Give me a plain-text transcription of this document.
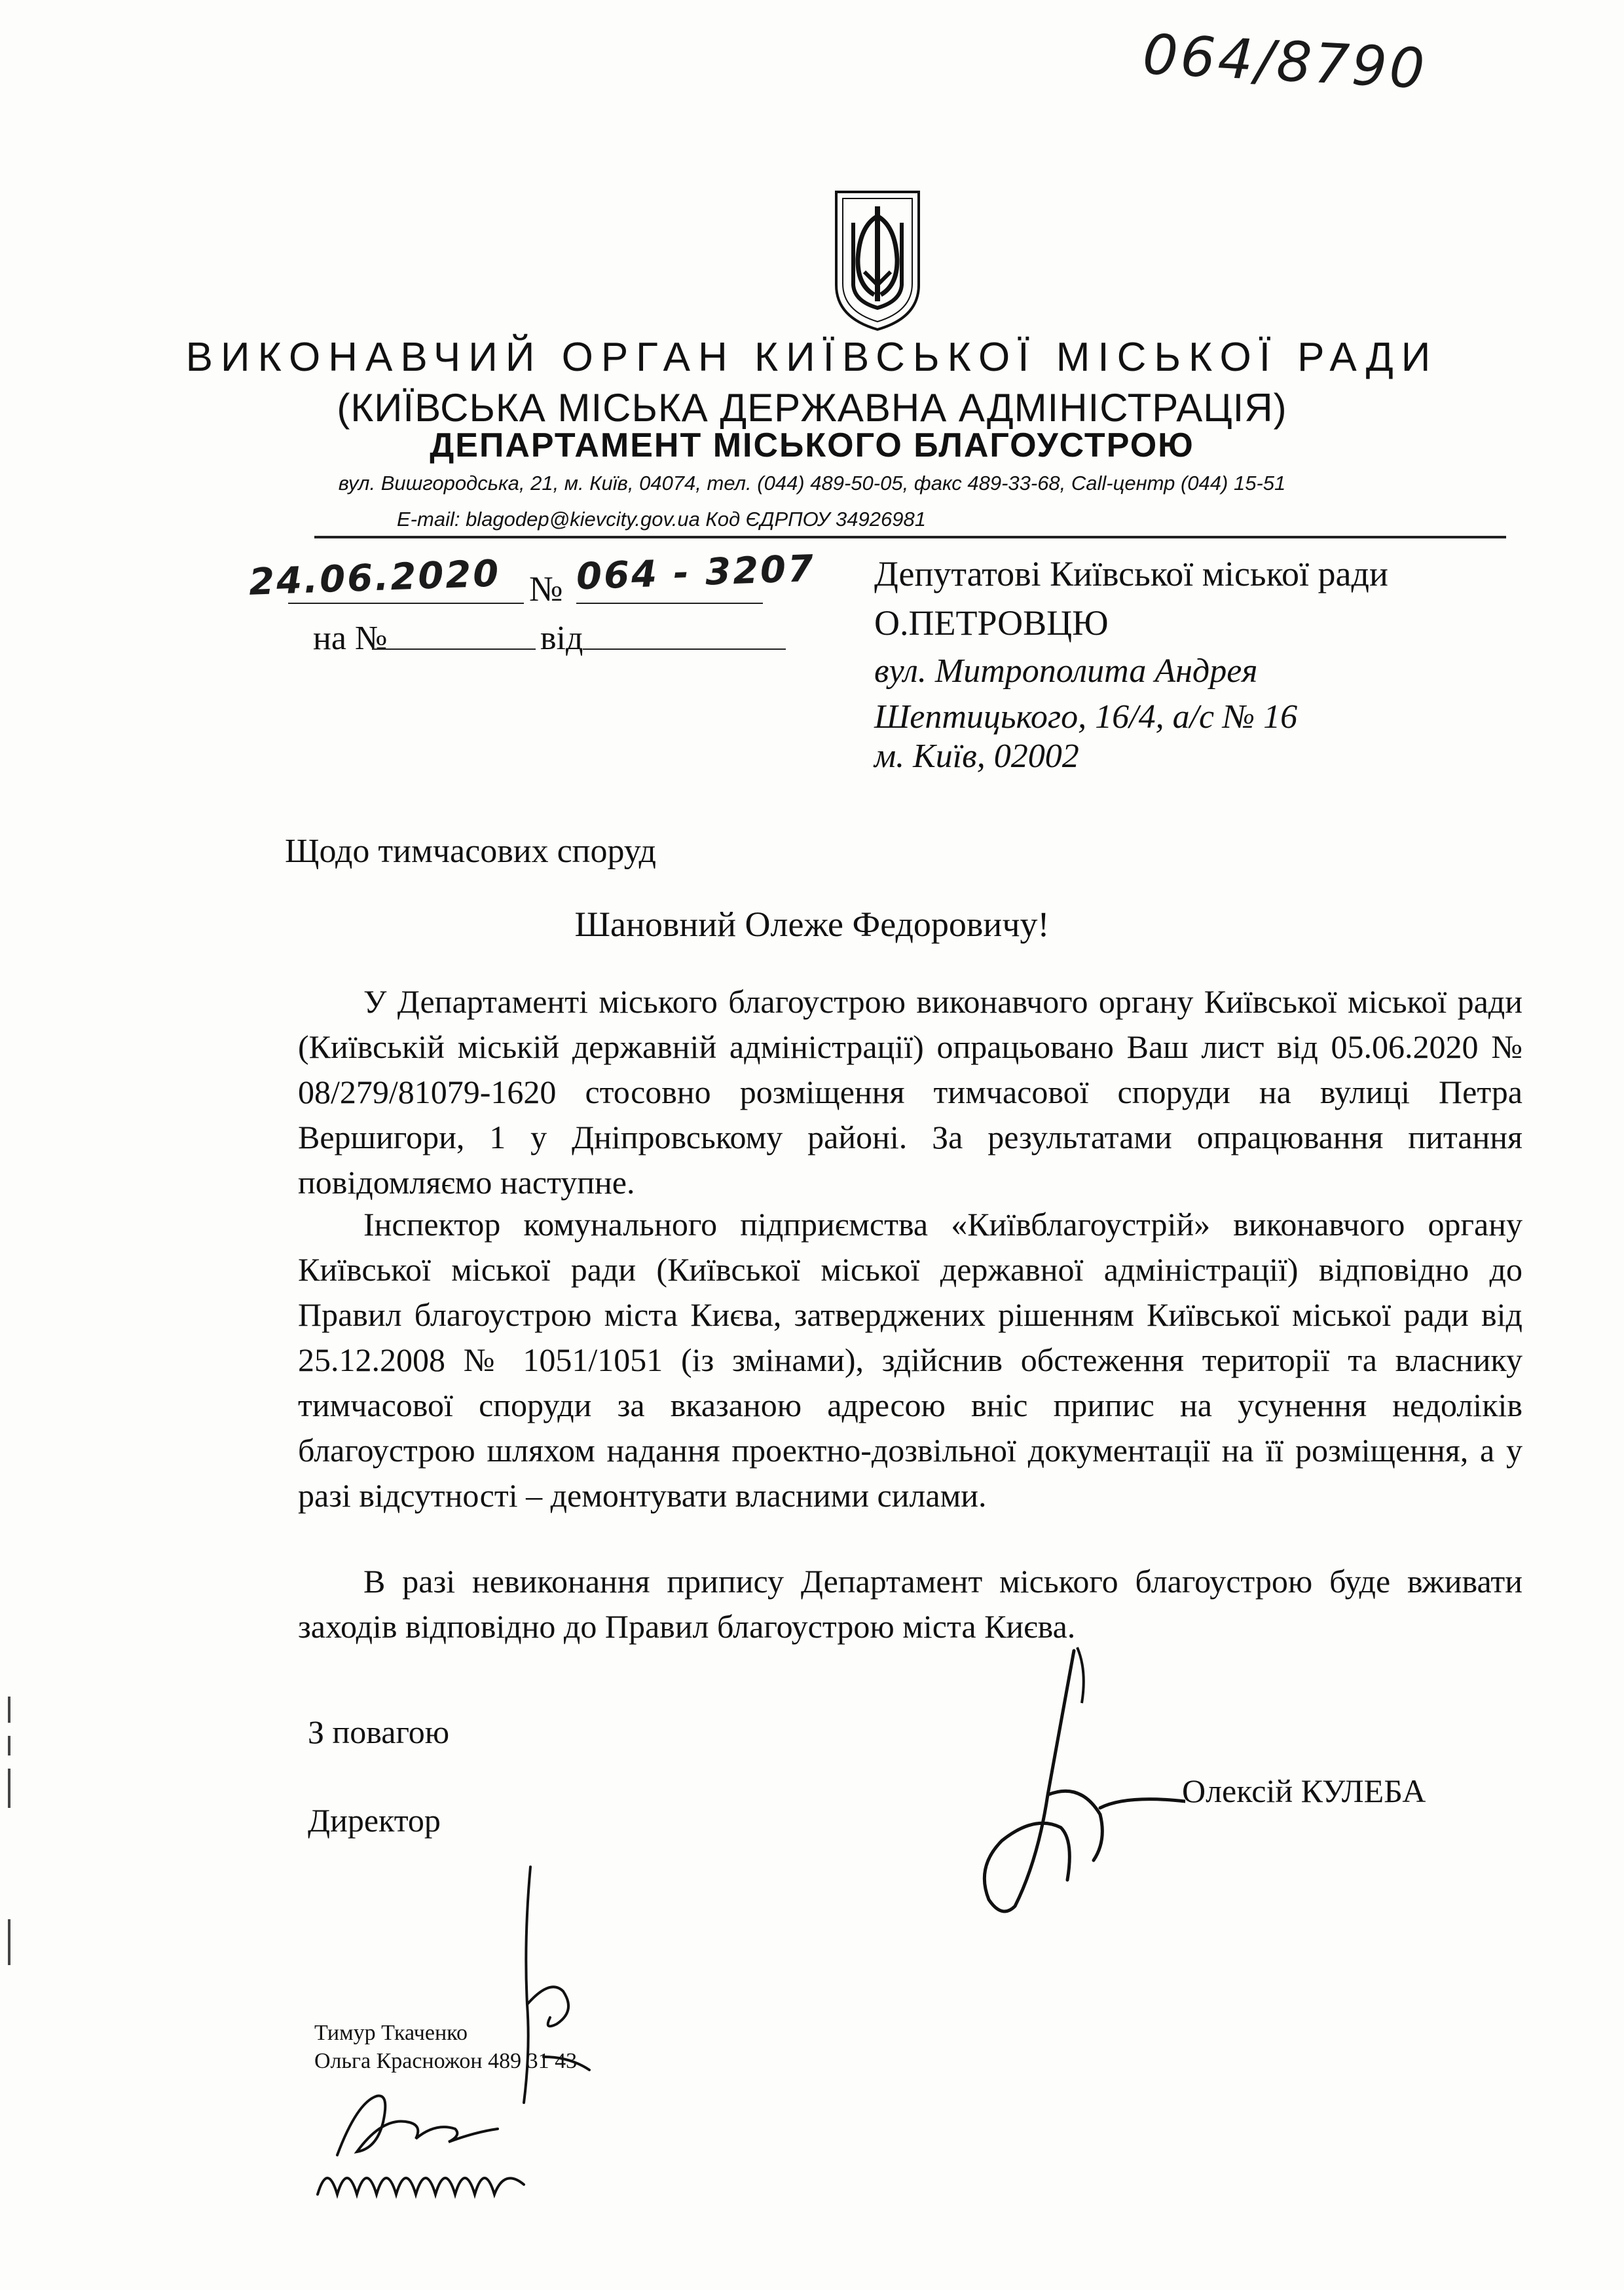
064/8790
ВИКОНАВЧИЙ ОРГАН КИЇВСЬКОЇ МІСЬКОЇ РАДИ
(КИЇВСЬКА МІСЬКА ДЕРЖАВНА АДМІНІСТРАЦІЯ)
ДЕПАРТАМЕНТ МІСЬКОГО БЛАГОУСТРОЮ
вул. Вишгородська, 21, м. Київ, 04074, тел. (044) 489-50-05, факс 489-33-68, Call-центр (044) 15-51
E-mail: blagodep@kievcity.gov.ua Код ЄДРПОУ 34926981
24.06.2020 № 064 - 3207
на №	від
Депутатові Київської міської ради
О.ПЕТРОВЦЮ
вул. Митрополита Андрея
Шептицького, 16/4, а/с № 16
м. Київ, 02002
Щодо тимчасових споруд
Шановний Олеже Федоровичу!

У Департаменті міського благоустрою виконавчого органу Київської міської ради (Київській міській державній адміністрації) опрацьовано Ваш лист від 05.06.2020 № 08/279/81079-1620 стосовно розміщення тимчасової споруди на вулиці Петра Вершигори, 1 у Дніпровському районі. За результатами опрацювання питання повідомляємо наступне.

Інспектор комунального підприємства «Київблагоустрій» виконавчого органу Київської міської ради (Київської міської державної адміністрації) відповідно до Правил благоустрою міста Києва, затверджених рішенням Київської міської ради від 25.12.2008 № 1051/1051 (із змінами), здійснив обстеження території та власнику тимчасової споруди за вказаною адресою вніс припис на усунення недоліків благоустрою шляхом надання проектно-дозвільної документації на її розміщення, а у разі відсутності – демонтувати власними силами.

В разі невиконання припису Департамент міського благоустрою буде вживати заходів відповідно до Правил благоустрою міста Києва.

З повагою
Директор
Олексій КУЛЕБА
Тимур Ткаченко
Ольга Красножон 489 31 43
